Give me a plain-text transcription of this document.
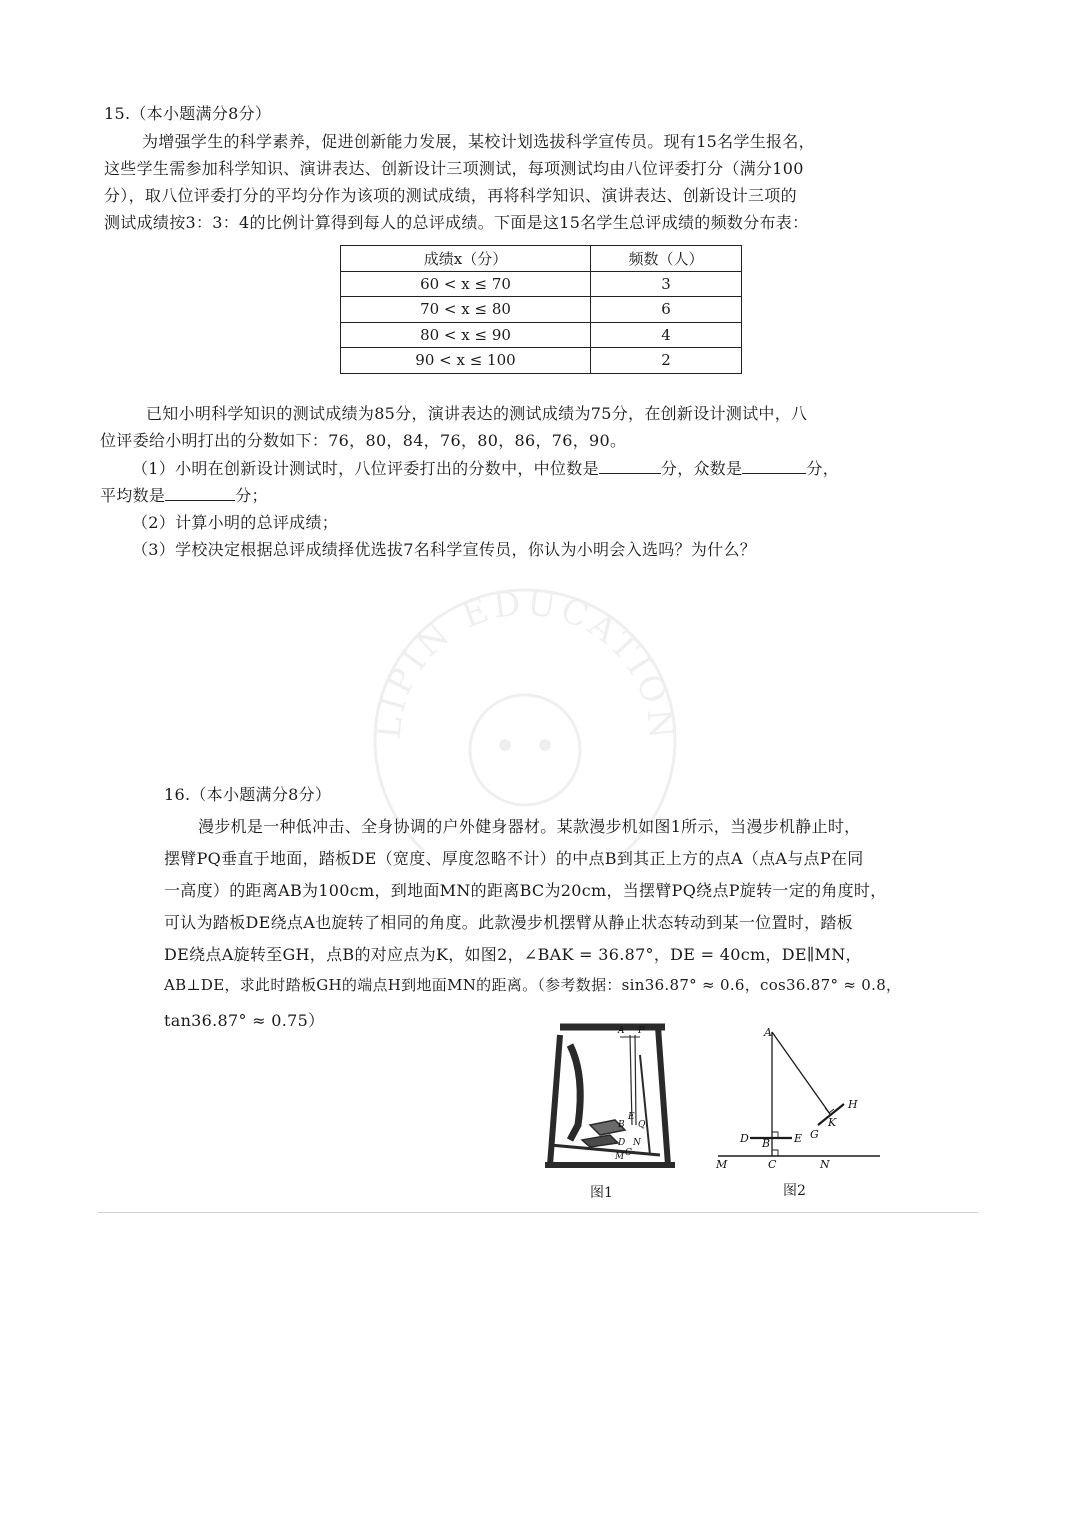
LIPIN EDUCATION
15.（本小题满分8分）
为增强学生的科学素养，促进创新能力发展，某校计划选拔科学宣传员。现有15名学生报名，
这些学生需参加科学知识、演讲表达、创新设计三项测试，每项测试均由八位评委打分（满分100
分），取八位评委打分的平均分作为该项的测试成绩，再将科学知识、演讲表达、创新设计三项的
测试成绩按3：3：4的比例计算得到每人的总评成绩。下面是这15名学生总评成绩的频数分布表：
成绩x（分）	频数（人）
60 < x ≤ 70	3
70 < x ≤ 80	6
80 < x ≤ 90	4
90 < x ≤ 100	2
已知小明科学知识的测试成绩为85分，演讲表达的测试成绩为75分，在创新设计测试中，八
位评委给小明打出的分数如下：76，80，84，76，80，86，76，90。
（1）小明在创新设计测试时，八位评委打出的分数中，中位数是	分，众数是	分，
平均数是	分；
（2）计算小明的总评成绩；
（3）学校决定根据总评成绩择优选拔7名科学宣传员，你认为小明会入选吗？为什么？
16.（本小题满分8分）
漫步机是一种低冲击、全身协调的户外健身器材。某款漫步机如图1所示，当漫步机静止时，
摆臂PQ垂直于地面，踏板DE（宽度、厚度忽略不计）的中点B到其正上方的点A（点A与点P在同
一高度）的距离AB为100cm，到地面MN的距离BC为20cm，当摆臂PQ绕点P旋转一定的角度时，
可认为踏板DE绕点A也旋转了相同的角度。此款漫步机摆臂从静止状态转动到某一位置时，踏板
DE绕点A旋转至GH，点B的对应点为K，如图2，∠BAK = 36.87°，DE = 40cm，DE∥MN，
AB⊥DE，求此时踏板GH的端点H到地面MN的距离。（参考数据：sin36.87° ≈ 0.6，cos36.87° ≈ 0.8，
tan36.87° ≈ 0.75）
A P
E
B Q
D N
M C
图1
A
H
K
G
D B E
M	C	N
图2
